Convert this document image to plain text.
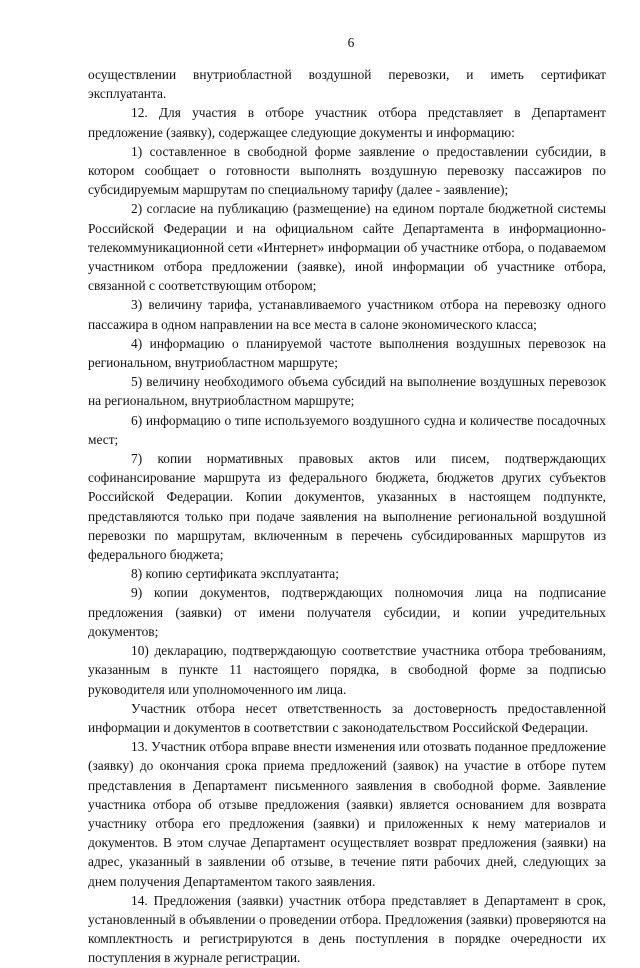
6

осуществлении внутриобластной воздушной перевозки, и иметь сертификат эксплуатанта.

12. Для участия в отборе участник отбора представляет в Департамент предложение (заявку), содержащее следующие документы и информацию:

1) составленное в свободной форме заявление о предоставлении субсидии, в котором сообщает о готовности выполнять воздушную перевозку пассажиров по субсидируемым маршрутам по специальному тарифу (далее - заявление);

2) согласие на публикацию (размещение) на едином портале бюджетной системы Российской Федерации и на официальном сайте Департамента в информационно-телекоммуникационной сети «Интернет» информации об участнике отбора, о подаваемом участником отбора предложении (заявке), иной информации об участнике отбора, связанной с соответствующим отбором;

3) величину тарифа, устанавливаемого участником отбора на перевозку одного пассажира в одном направлении на все места в салоне экономического класса;

4) информацию о планируемой частоте выполнения воздушных перевозок на региональном, внутриобластном маршруте;

5) величину необходимого объема субсидий на выполнение воздушных перевозок на региональном, внутриобластном маршруте;

6) информацию о типе используемого воздушного судна и количестве посадочных мест;

7) копии нормативных правовых актов или писем, подтверждающих софинансирование маршрута из федерального бюджета, бюджетов других субъектов Российской Федерации. Копии документов, указанных в настоящем подпункте, представляются только при подаче заявления на выполнение региональной воздушной перевозки по маршрутам, включенным в перечень субсидированных маршрутов из федерального бюджета;

8) копию сертификата эксплуатанта;

9) копии документов, подтверждающих полномочия лица на подписание предложения (заявки) от имени получателя субсидии, и копии учредительных документов;

10) декларацию, подтверждающую соответствие участника отбора требованиям, указанным в пункте 11 настоящего порядка, в свободной форме за подписью руководителя или уполномоченного им лица.

Участник отбора несет ответственность за достоверность предоставленной информации и документов в соответствии с законодательством Российской Федерации.

13. Участник отбора вправе внести изменения или отозвать поданное предложение (заявку) до окончания срока приема предложений (заявок) на участие в отборе путем представления в Департамент письменного заявления в свободной форме. Заявление участника отбора об отзыве предложения (заявки) является основанием для возврата участнику отбора его предложения (заявки) и приложенных к нему материалов и документов. В этом случае Департамент осуществляет возврат предложения (заявки) на адрес, указанный в заявлении об отзыве, в течение пяти рабочих дней, следующих за днем получения Департаментом такого заявления.

14. Предложения (заявки) участник отбора представляет в Департамент в срок, установленный в объявлении о проведении отбора. Предложения (заявки) проверяются на комплектность и регистрируются в день поступления в порядке очередности их поступления в журнале регистрации.
